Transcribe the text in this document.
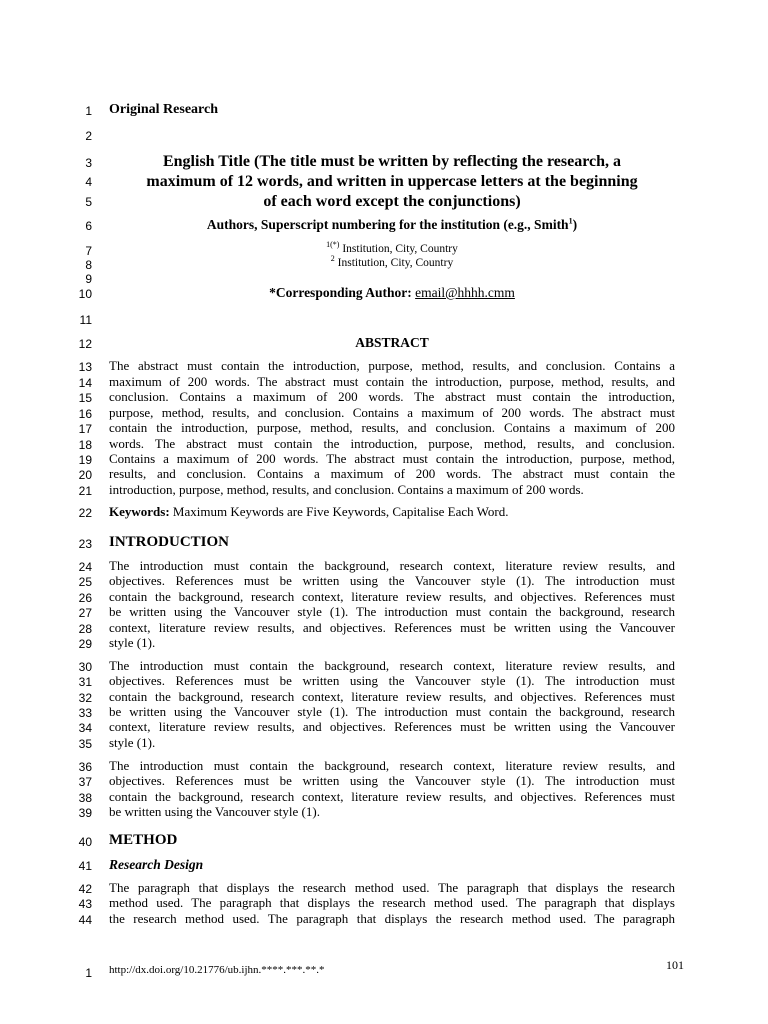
1
2
3
4
5
6
7
8
9
10
11
12
13
14
15
16
17
18
19
20
21
22
23
24
25
26
27
28
29
30
31
32
33
34
35
36
37
38
39
40
41
42
43
44
Original Research
English Title (The title must be written by reflecting the research, a
maximum of 12 words, and written in uppercase letters at the beginning
of each word except the conjunctions)
Authors, Superscript numbering for the institution (e.g., Smith$^1$)
$^{1(*)}$ Institution, City, Country
$^2$ Institution, City, Country
*Corresponding Author: email@hhhh.cmm
ABSTRACT
The abstract must contain the introduction, purpose, method, results, and conclusion. Contains a
maximum of 200 words. The abstract must contain the introduction, purpose, method, results, and
conclusion. Contains a maximum of 200 words. The abstract must contain the introduction,
purpose, method, results, and conclusion. Contains a maximum of 200 words. The abstract must
contain the introduction, purpose, method, results, and conclusion. Contains a maximum of 200
words. The abstract must contain the introduction, purpose, method, results, and conclusion.
Contains a maximum of 200 words. The abstract must contain the introduction, purpose, method,
results, and conclusion. Contains a maximum of 200 words. The abstract must contain the
introduction, purpose, method, results, and conclusion. Contains a maximum of 200 words.
Keywords: Maximum Keywords are Five Keywords, Capitalise Each Word.
INTRODUCTION
The introduction must contain the background, research context, literature review results, and
objectives. References must be written using the Vancouver style (1). The introduction must
contain the background, research context, literature review results, and objectives. References must
be written using the Vancouver style (1). The introduction must contain the background, research
context, literature review results, and objectives. References must be written using the Vancouver
style (1).
The introduction must contain the background, research context, literature review results, and
objectives. References must be written using the Vancouver style (1). The introduction must
contain the background, research context, literature review results, and objectives. References must
be written using the Vancouver style (1). The introduction must contain the background, research
context, literature review results, and objectives. References must be written using the Vancouver
style (1).
The introduction must contain the background, research context, literature review results, and
objectives. References must be written using the Vancouver style (1). The introduction must
contain the background, research context, literature review results, and objectives. References must
be written using the Vancouver style (1).
METHOD
Research Design
The paragraph that displays the research method used. The paragraph that displays the research
method used. The paragraph that displays the research method used. The paragraph that displays
the research method used. The paragraph that displays the research method used. The paragraph
101
1 http://dx.doi.org/10.21776/ub.ijhn.****.***.**.*
